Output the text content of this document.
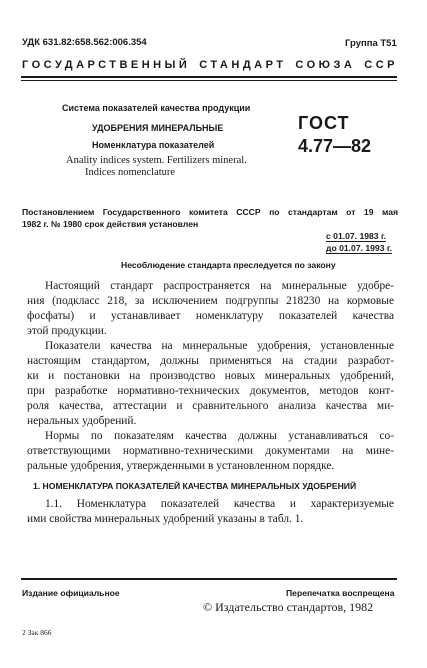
УДК 631.82:658.562:006.354	Группа Т51
ГОСУДАРСТВЕННЫЙ СТАНДАРТ СОЮЗА ССР
Система показателей качества продукции
УДОБРЕНИЯ МИНЕРАЛЬНЫЕ
Номенклатура показателей
Anality indices system. Fertilizers mineral.
Indices nomenclature
ГОСТ
4.77—82
Постановлением Государственного комитета СССР по стандартам от 19 мая
1982 г. № 1980 срок действия установлен
с 01.07. 1983 г.
до 01.07. 1993 г.
Несоблюдение стандарта преследуется по закону
Настоящий стандарт распространяется на минеральные удобре-
ния (подкласс 218, за исключением подгруппы 218230 на кормовые
фосфаты) и устанавливает номенклатуру показателей качества
этой продукции.
Показатели качества на минеральные удобрения, установленные
настоящим стандартом, должны применяться на стадии разработ-
ки и постановки на производство новых минеральных удобрений,
при разработке нормативно-технических документов, методов конт-
роля качества, аттестации и сравнительного анализа качества ми-
неральных удобрений.
Нормы по показателям качества должны устанавливаться со-
ответствующими нормативно-техническими документами на мине-
ральные удобрения, утвержденными в установленном порядке.
1. НОМЕНКЛАТУРА ПОКАЗАТЕЛЕЙ КАЧЕСТВА МИНЕРАЛЬНЫХ УДОБРЕНИЙ
1.1. Номенклатура показателей качества и характеризуемые
ими свойства минеральных удобрений указаны в табл. 1.
Издание официальное	Перепечатка воспрещена
© Издательство стандартов, 1982
2 Зак 866
